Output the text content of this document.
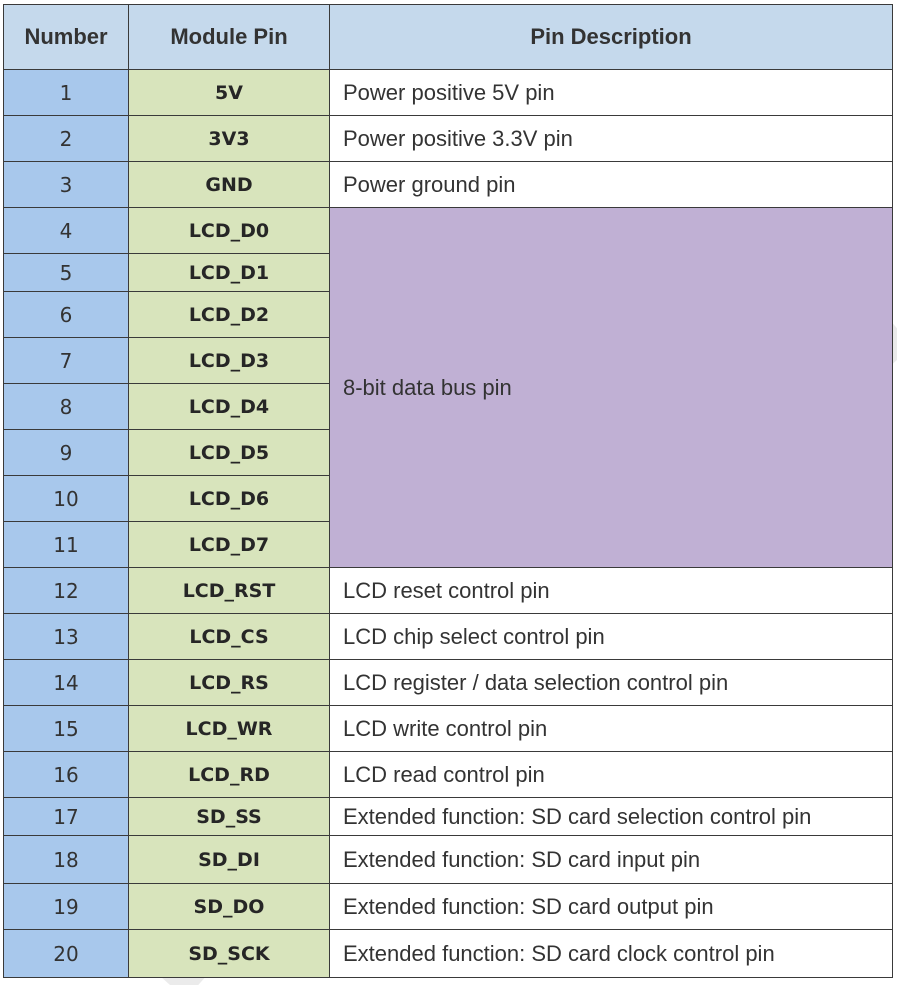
Number	Module Pin	Pin Description
1	5V	Power positive 5V pin
2	3V3	Power positive 3.3V pin
3	GND	Power ground pin
4	LCD_D0	8-bit data bus pin
5	LCD_D1	
6	LCD_D2	
7	LCD_D3	
8	LCD_D4	
9	LCD_D5	
10	LCD_D6	
11	LCD_D7	
12	LCD_RST	LCD reset control pin
13	LCD_CS	LCD chip select control pin
14	LCD_RS	LCD register / data selection control pin
15	LCD_WR	LCD write control pin
16	LCD_RD	LCD read control pin
17	SD_SS	Extended function: SD card selection control pin
18	SD_DI	Extended function: SD card input pin
19	SD_DO	Extended function: SD card output pin
20	SD_SCK	Extended function: SD card clock control pin
